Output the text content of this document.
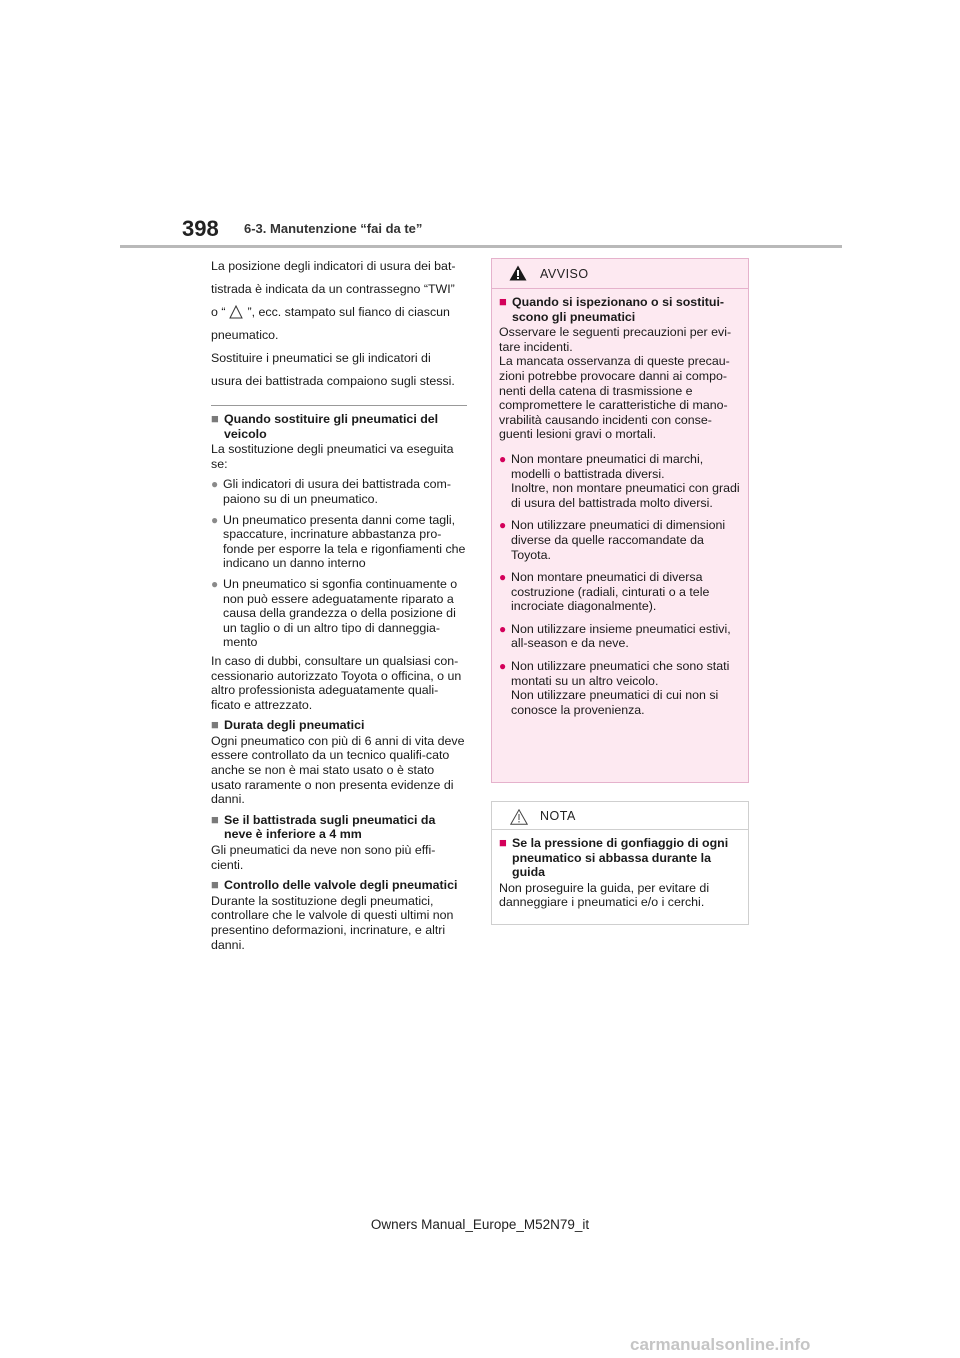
398 6-3. Manutenzione “fai da te”

La posizione degli indicatori di usura dei bat-

tistrada è indicata da un contrassegno “TWI”

o “ ”, ecc. stampato sul fianco di ciascun

pneumatico.

Sostituire i pneumatici se gli indicatori di

usura dei battistrada compaiono sugli stessi.

■ Quando sostituire gli pneumatici del veicolo
La sostituzione degli pneumatici va eseguita se:
● Gli indicatori di usura dei battistrada com-paiono su di un pneumatico.
● Un pneumatico presenta danni come tagli, spaccature, incrinature abbastanza pro-fonde per esporre la tela e rigonfiamenti che indicano un danno interno
● Un pneumatico si sgonfia continuamente o non può essere adeguatamente riparato a causa della grandezza o della posizione di un taglio o di un altro tipo di danneggia-mento
In caso di dubbi, consultare un qualsiasi con-cessionario autorizzato Toyota o officina, o un altro professionista adeguatamente quali-ficato e attrezzato.
■ Durata degli pneumatici
Ogni pneumatico con più di 6 anni di vita deve essere controllato da un tecnico qualifi-cato anche se non è mai stato usato o è stato usato raramente o non presenta evidenze di danni.
■ Se il battistrada sugli pneumatici da neve è inferiore a 4 mm
Gli pneumatici da neve non sono più effi-cienti.
■ Controllo delle valvole degli pneumatici
Durante la sostituzione degli pneumatici, controllare che le valvole di questi ultimi non presentino deformazioni, incrinature, e altri danni.
AVVISO
■ Quando si ispezionano o si sostitui-scono gli pneumatici
Osservare le seguenti precauzioni per evi-tare incidenti.
La mancata osservanza di queste precau-zioni potrebbe provocare danni ai compo-nenti della catena di trasmissione e compromettere le caratteristiche di mano-vrabilità causando incidenti con conse-guenti lesioni gravi o mortali.
● Non montare pneumatici di marchi, modelli o battistrada diversi.
Inoltre, non montare pneumatici con gradi di usura del battistrada molto diversi.
● Non utilizzare pneumatici di dimensioni diverse da quelle raccomandate da Toyota.
● Non montare pneumatici di diversa costruzione (radiali, cinturati o a tele incrociate diagonalmente).
● Non utilizzare insieme pneumatici estivi, all-season e da neve.
● Non utilizzare pneumatici che sono stati montati su un altro veicolo.
Non utilizzare pneumatici di cui non si conosce la provenienza.
NOTA
■ Se la pressione di gonfiaggio di ogni pneumatico si abbassa durante la guida
Non proseguire la guida, per evitare di danneggiare i pneumatici e/o i cerchi.
Owners Manual_Europe_M52N79_it
carmanualsonline.info
